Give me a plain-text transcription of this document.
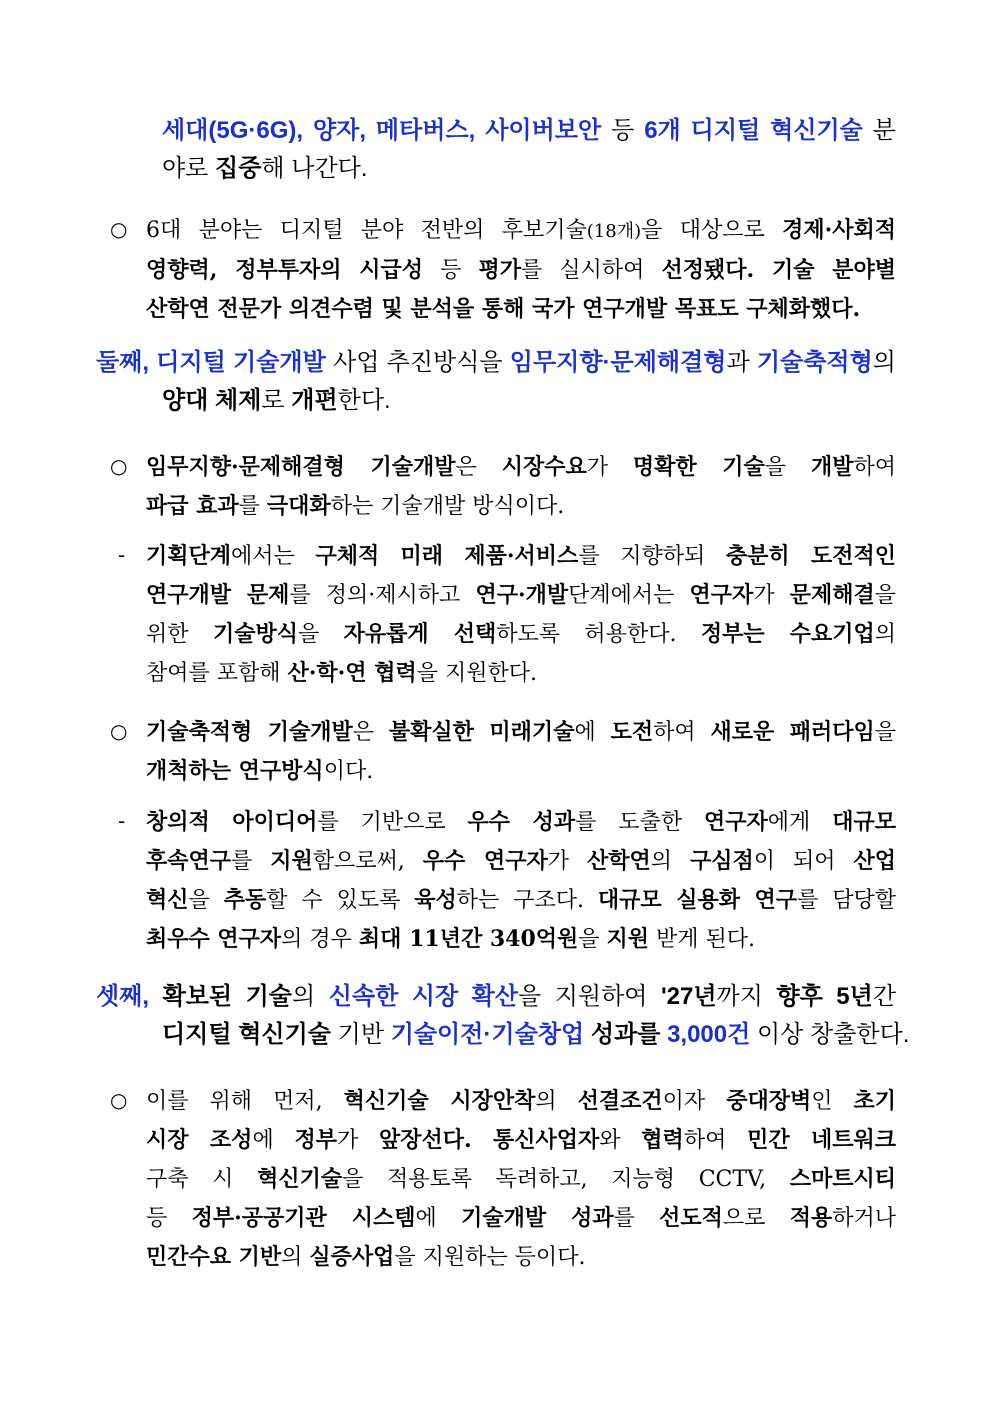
세대(5G·6G), 양자, 메타버스, 사이버보안 등 6개 디지털 혁신기술 분
야로 집중해 나간다.
○ 6대 분야는 디지털 분야 전반의 후보기술(18개)을 대상으로 경제·사회적
영향력, 정부투자의 시급성 등 평가를 실시하여 선정됐다. 기술 분야별
산학연 전문가 의견수렴 및 분석을 통해 국가 연구개발 목표도 구체화했다.
둘째, 디지털 기술개발 사업 추진방식을 임무지향·문제해결형과 기술축적형의
양대 체제로 개편한다.
○ 임무지향·문제해결형 기술개발은 시장수요가 명확한 기술을 개발하여
파급 효과를 극대화하는 기술개발 방식이다.
- 기획단계에서는 구체적 미래 제품·서비스를 지향하되 충분히 도전적인
연구개발 문제를 정의·제시하고 연구·개발단계에서는 연구자가 문제해결을
위한 기술방식을 자유롭게 선택하도록 허용한다. 정부는 수요기업의
참여를 포함해 산·학·연 협력을 지원한다.
○ 기술축적형 기술개발은 불확실한 미래기술에 도전하여 새로운 패러다임을
개척하는 연구방식이다.
- 창의적 아이디어를 기반으로 우수 성과를 도출한 연구자에게 대규모
후속연구를 지원함으로써, 우수 연구자가 산학연의 구심점이 되어 산업
혁신을 추동할 수 있도록 육성하는 구조다. 대규모 실용화 연구를 담당할
최우수 연구자의 경우 최대 11년간 340억원을 지원 받게 된다.
셋째, 확보된 기술의 신속한 시장 확산을 지원하여 '27년까지 향후 5년간
디지털 혁신기술 기반 기술이전·기술창업 성과를 3,000건 이상 창출한다.
○ 이를 위해 먼저, 혁신기술 시장안착의 선결조건이자 중대장벽인 초기
시장 조성에 정부가 앞장선다. 통신사업자와 협력하여 민간 네트워크
구축 시 혁신기술을 적용토록 독려하고, 지능형 CCTV, 스마트시티
등 정부·공공기관 시스템에 기술개발 성과를 선도적으로 적용하거나
민간수요 기반의 실증사업을 지원하는 등이다.
